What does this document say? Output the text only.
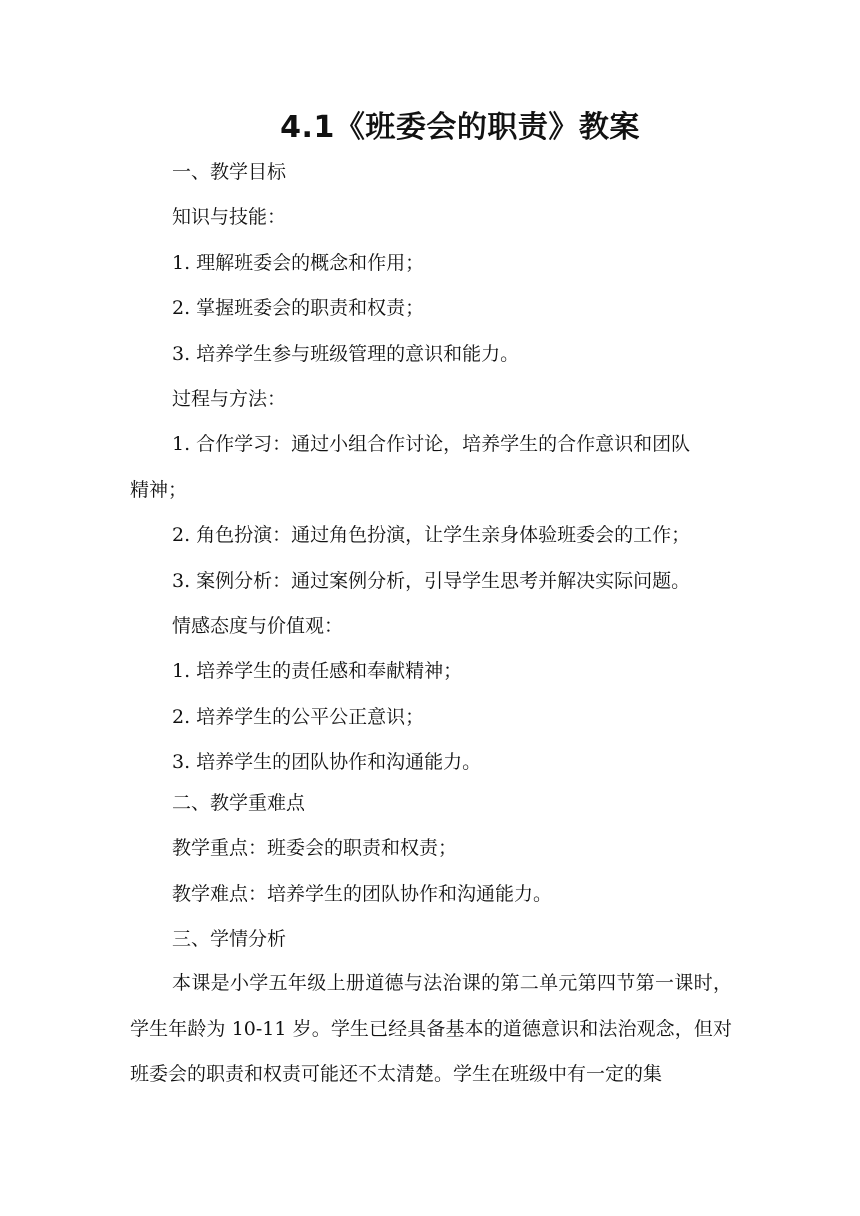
4.1《班委会的职责》教案
一、教学目标
知识与技能：
1. 理解班委会的概念和作用；
2. 掌握班委会的职责和权责；
3. 培养学生参与班级管理的意识和能力。
过程与方法：
1. 合作学习：通过小组合作讨论，培养学生的合作意识和团队
精神；
2. 角色扮演：通过角色扮演，让学生亲身体验班委会的工作；
3. 案例分析：通过案例分析，引导学生思考并解决实际问题。
情感态度与价值观：
1. 培养学生的责任感和奉献精神；
2. 培养学生的公平公正意识；
3. 培养学生的团队协作和沟通能力。
二、教学重难点
教学重点：班委会的职责和权责；
教学难点：培养学生的团队协作和沟通能力。
三、学情分析

本课是小学五年级上册道德与法治课的第二单元第四节第一课时，学生年龄为 10-11 岁。学生已经具备基本的道德意识和法治观念，但对班委会的职责和权责可能还不太清楚。学生在班级中有一定的集
